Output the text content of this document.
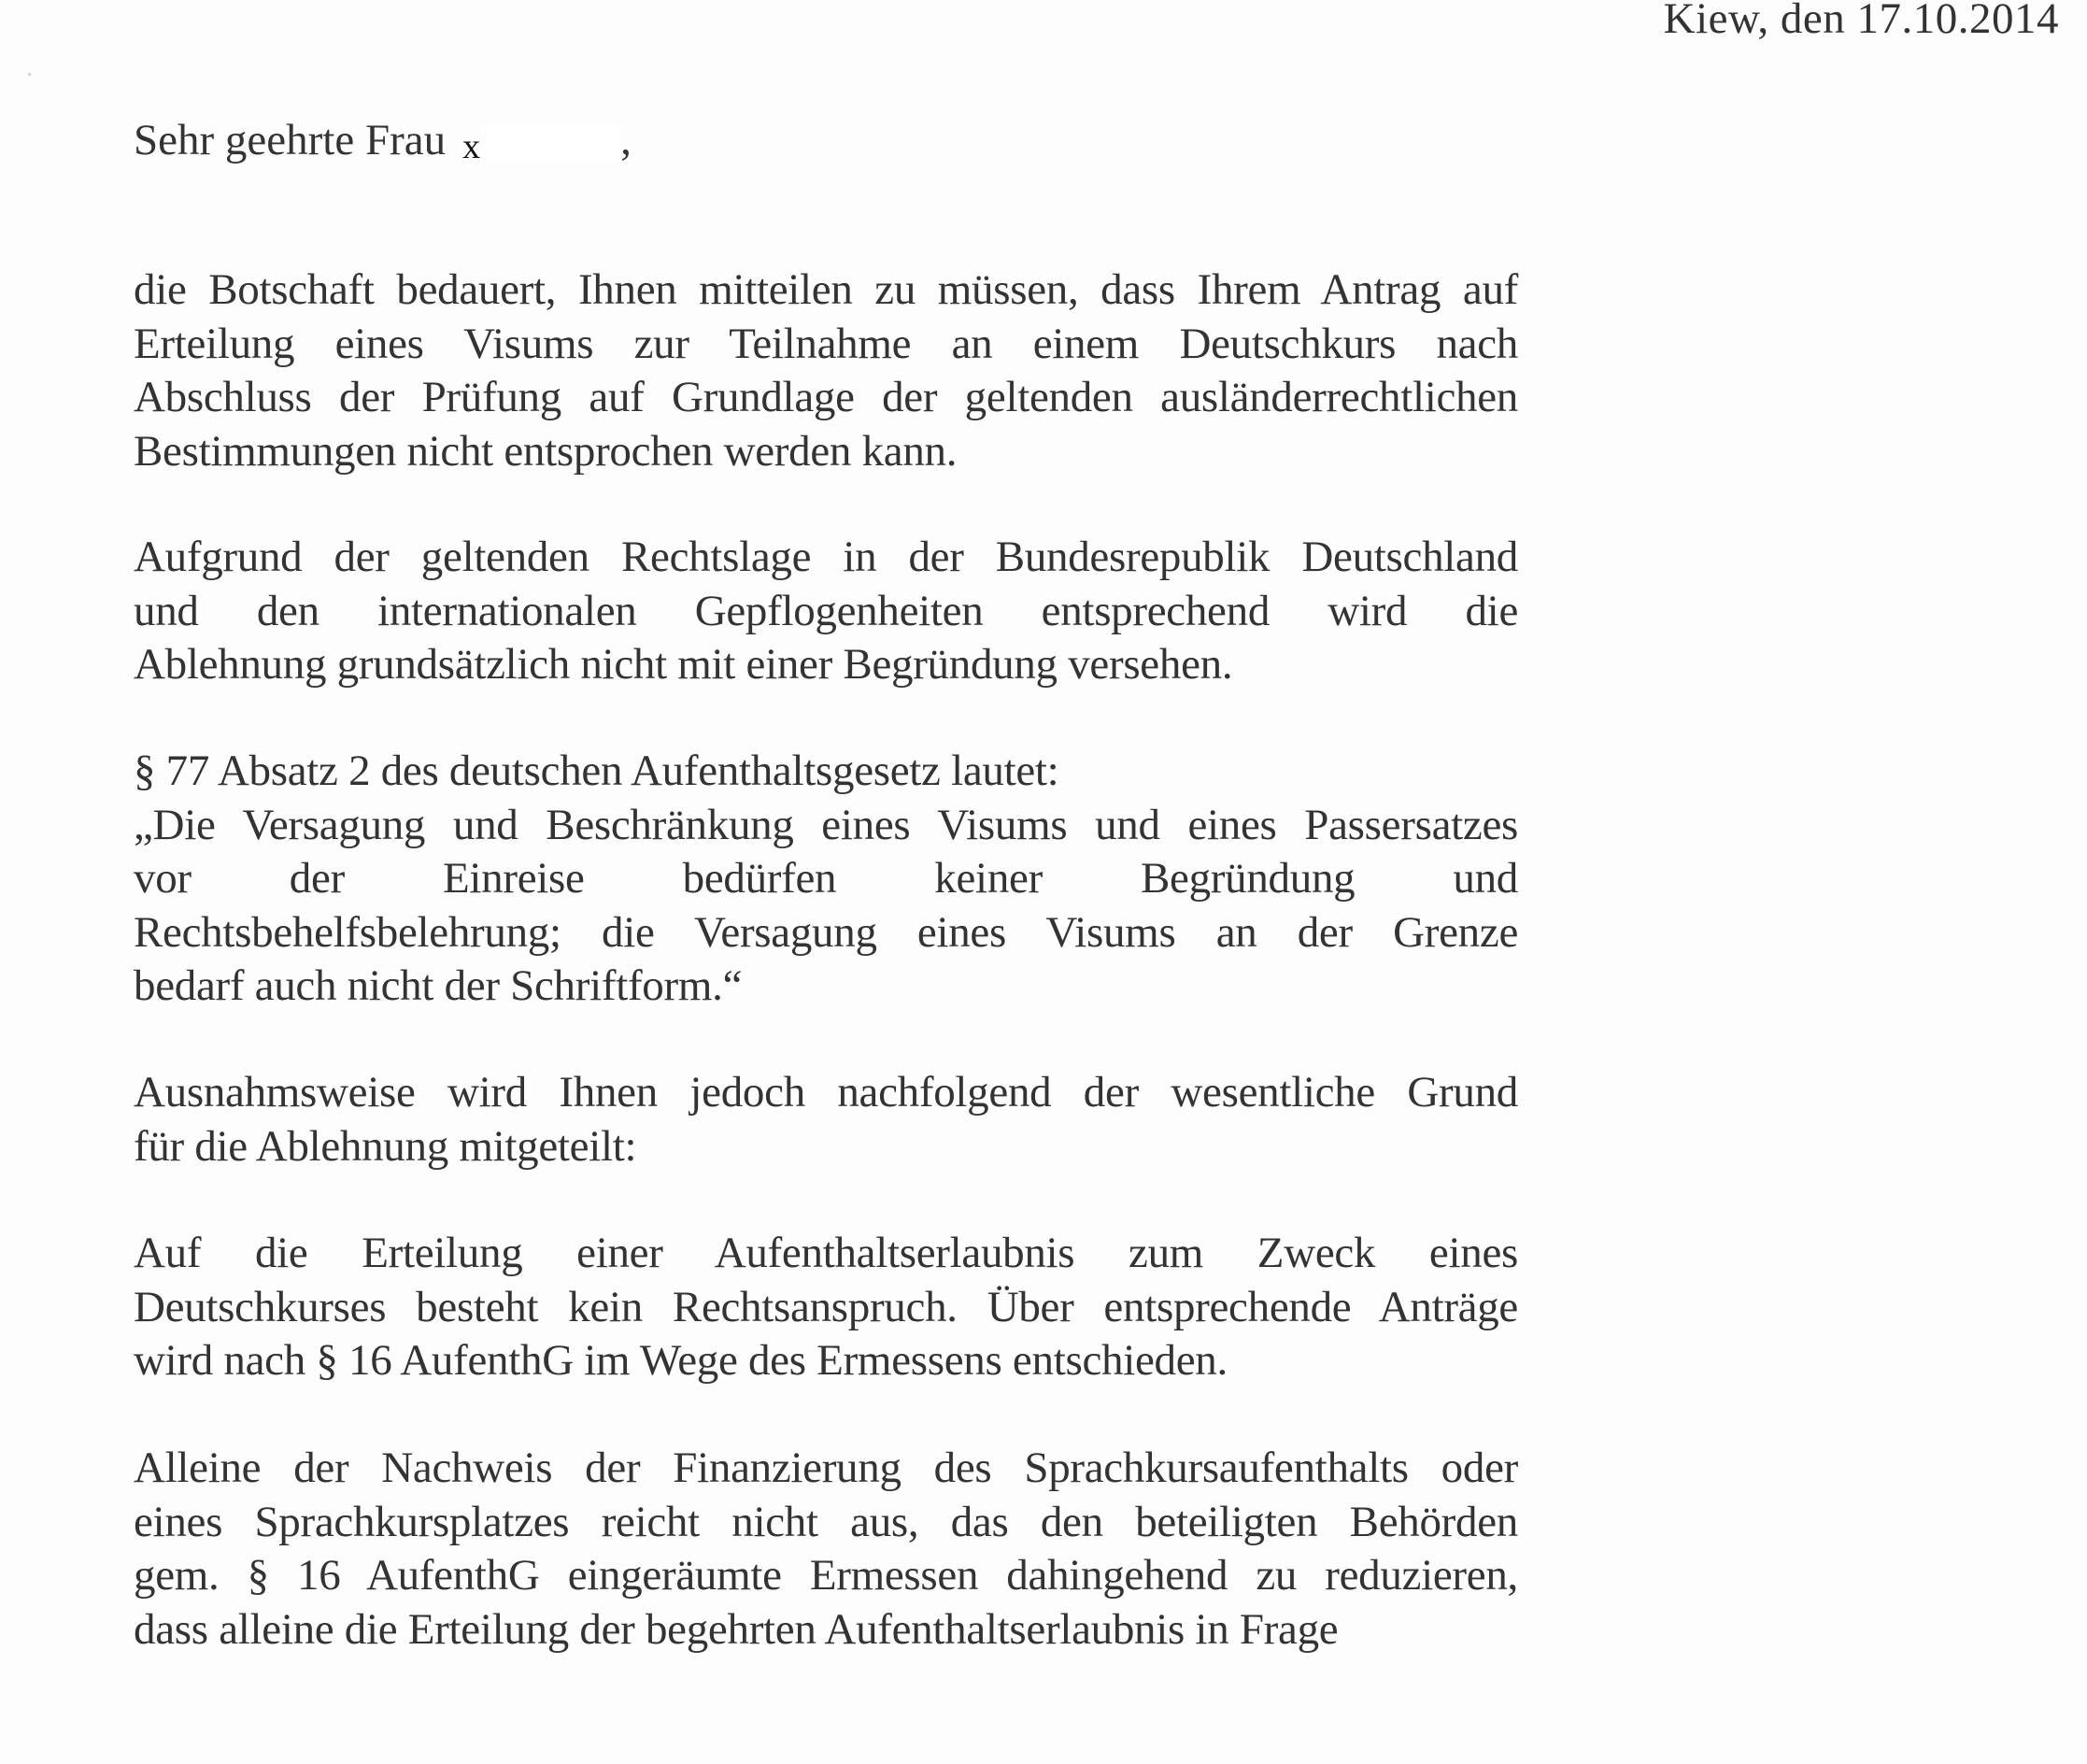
Kiew, den 17.10.2014
Sehr geehrte Frau x	,
die Botschaft bedauert, Ihnen mitteilen zu müssen, dass Ihrem Antrag auf
Erteilung eines Visums zur Teilnahme an einem Deutschkurs nach
Abschluss der Prüfung auf Grundlage der geltenden ausländerrechtlichen
Bestimmungen nicht entsprochen werden kann.
Aufgrund der geltenden Rechtslage in der Bundesrepublik Deutschland
und den internationalen Gepflogenheiten entsprechend wird die
Ablehnung grundsätzlich nicht mit einer Begründung versehen.
§ 77 Absatz 2 des deutschen Aufenthaltsgesetz lautet:
„Die Versagung und Beschränkung eines Visums und eines Passersatzes
vor der Einreise bedürfen keiner Begründung und
Rechtsbehelfsbelehrung; die Versagung eines Visums an der Grenze
bedarf auch nicht der Schriftform.“
Ausnahmsweise wird Ihnen jedoch nachfolgend der wesentliche Grund
für die Ablehnung mitgeteilt:
Auf die Erteilung einer Aufenthaltserlaubnis zum Zweck eines
Deutschkurses besteht kein Rechtsanspruch. Über entsprechende Anträge
wird nach § 16 AufenthG im Wege des Ermessens entschieden.
Alleine der Nachweis der Finanzierung des Sprachkursaufenthalts oder
eines Sprachkursplatzes reicht nicht aus, das den beteiligten Behörden
gem. § 16 AufenthG eingeräumte Ermessen dahingehend zu reduzieren,
dass alleine die Erteilung der begehrten Aufenthaltserlaubnis in Frage
